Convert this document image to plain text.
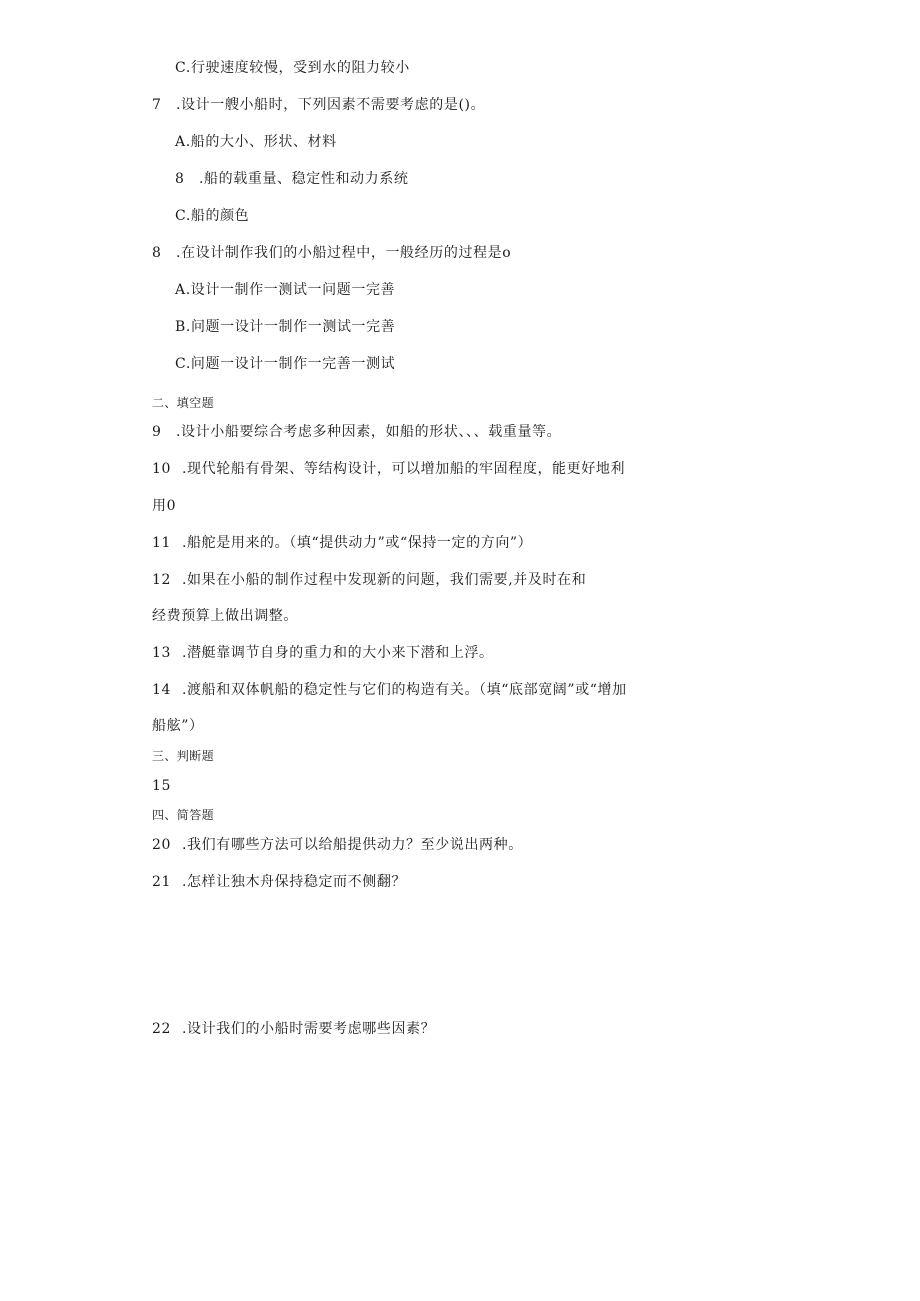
C.行驶速度较慢，受到水的阻力较小
7 .设计一艘小船时，下列因素不需要考虑的是()。
A.船的大小、形状、材料
8 .船的载重量、稳定性和动力系统
C.船的颜色
8 .在设计制作我们的小船过程中，一般经历的过程是o
A.设计一制作一测试一问题一完善
B.问题一设计一制作一测试一完善
C.问题一设计一制作一完善一测试
二、填空题
9 .设计小船要综合考虑多种因素，如船的形状、、、载重量等。
10 .现代轮船有骨架、等结构设计，可以增加船的牢固程度，能更好地利
用0
11 .船舵是用来的。（填“提供动力”或“保持一定的方向”）
12 .如果在小船的制作过程中发现新的问题，我们需要,并及时在和
经费预算上做出调整。
13 .潜艇靠调节自身的重力和的大小来下潜和上浮。
14 .渡船和双体帆船的稳定性与它们的构造有关。（填“底部宽阔”或“增加
船舷”）
三、判断题
15
四、简答题
20 .我们有哪些方法可以给船提供动力？至少说出两种。
21 .怎样让独木舟保持稳定而不侧翻？
22 .设计我们的小船时需要考虑哪些因素？
